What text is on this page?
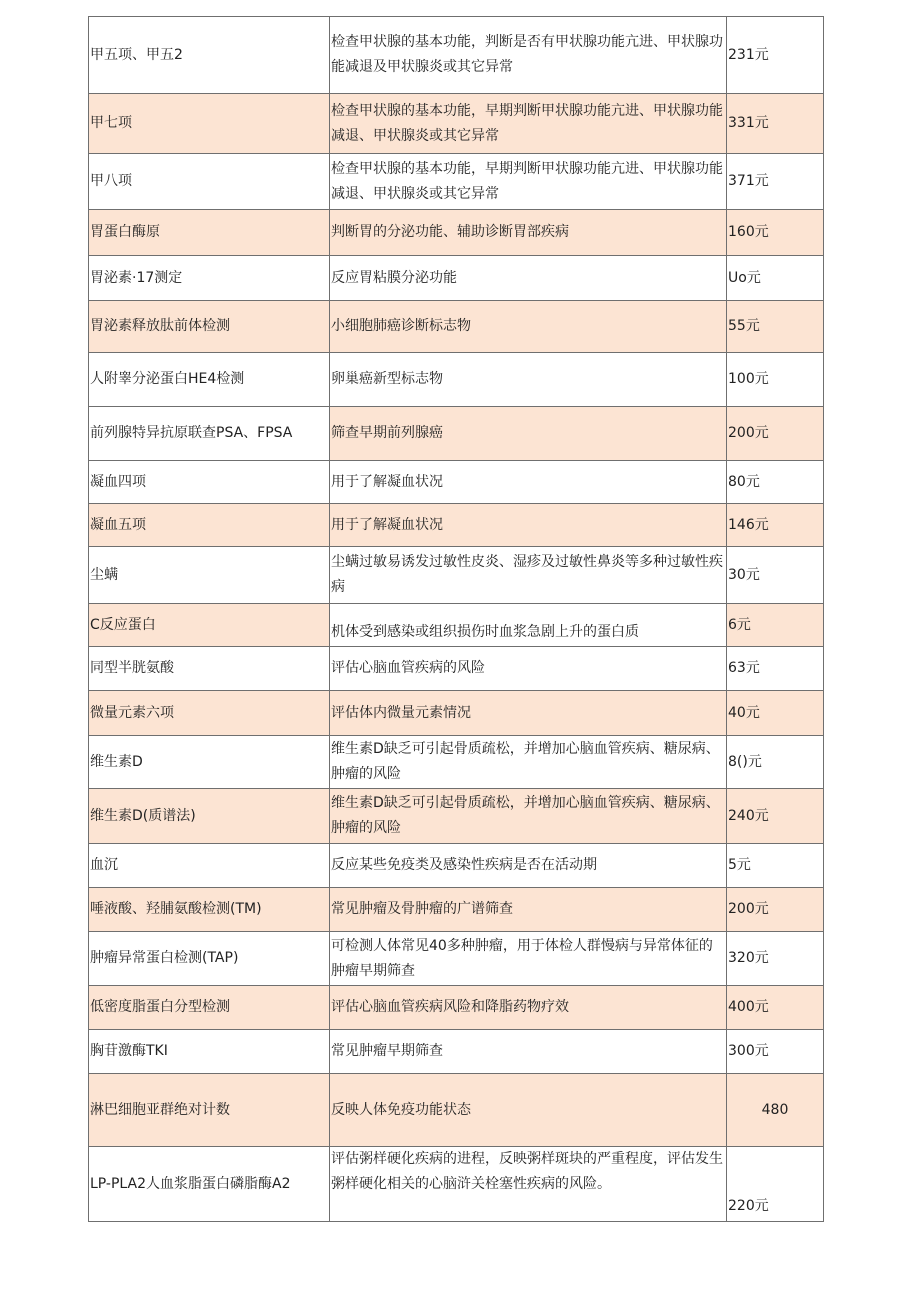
甲五项、甲五2	检查甲状腺的基本功能，判断是否有甲状腺功能亢进、甲状腺功能减退及甲状腺炎或其它异常	231元
甲七项	检查甲状腺的基本功能，早期判断甲状腺功能亢进、甲状腺功能减退、甲状腺炎或其它异常	331元
甲八项	检查甲状腺的基本功能，早期判断甲状腺功能亢进、甲状腺功能减退、甲状腺炎或其它异常	371元
胃蛋白酶原	判断胃的分泌功能、辅助诊断胃部疾病	160元
胃泌素·17测定	反应胃粘膜分泌功能	Uo元
胃泌素释放肽前体检测	小细胞肺癌诊断标志物	55元
人附睾分泌蛋白HE4检测	卵巢癌新型标志物	100元
前列腺特异抗原联查PSA、FPSA	筛查早期前列腺癌	200元
凝血四项	用于了解凝血状况	80元
凝血五项	用于了解凝血状况	146元
尘螨	尘螨过敏易诱发过敏性皮炎、湿疹及过敏性鼻炎等多种过敏性疾病	30元
C反应蛋白	机体受到感染或组织损伤时血浆急剧上升的蛋白质	6元
同型半胱氨酸	评估心脑血管疾病的风险	63元
微量元素六项	评估体内微量元素情况	40元
维生素D	维生素D缺乏可引起骨质疏松，并增加心脑血管疾病、糖尿病、肿瘤的风险	8()元
维生素D(质谱法)	维生素D缺乏可引起骨质疏松，并增加心脑血管疾病、糖尿病、肿瘤的风险	240元
血沉	反应某些免疫类及感染性疾病是否在活动期	5元
唾液酸、羟脯氨酸检测(TM)	常见肿瘤及骨肿瘤的广谱筛查	200元
肿瘤异常蛋白检测(TAP)	可检测人体常见40多种肿瘤，用于体检人群慢病与异常体征的肿瘤早期筛查	320元
低密度脂蛋白分型检测	评估心脑血管疾病风险和降脂药物疗效	400元
胸苷激酶TKI	常见肿瘤早期筛查	300元
淋巴细胞亚群绝对计数	反映人体免疫功能状态	480
LP-PLA2人血浆脂蛋白磷脂酶A2	评估粥样硬化疾病的进程，反映粥样斑块的严重程度，评估发生粥样硬化相关的心脑浒关栓塞性疾病的风险。	220元
